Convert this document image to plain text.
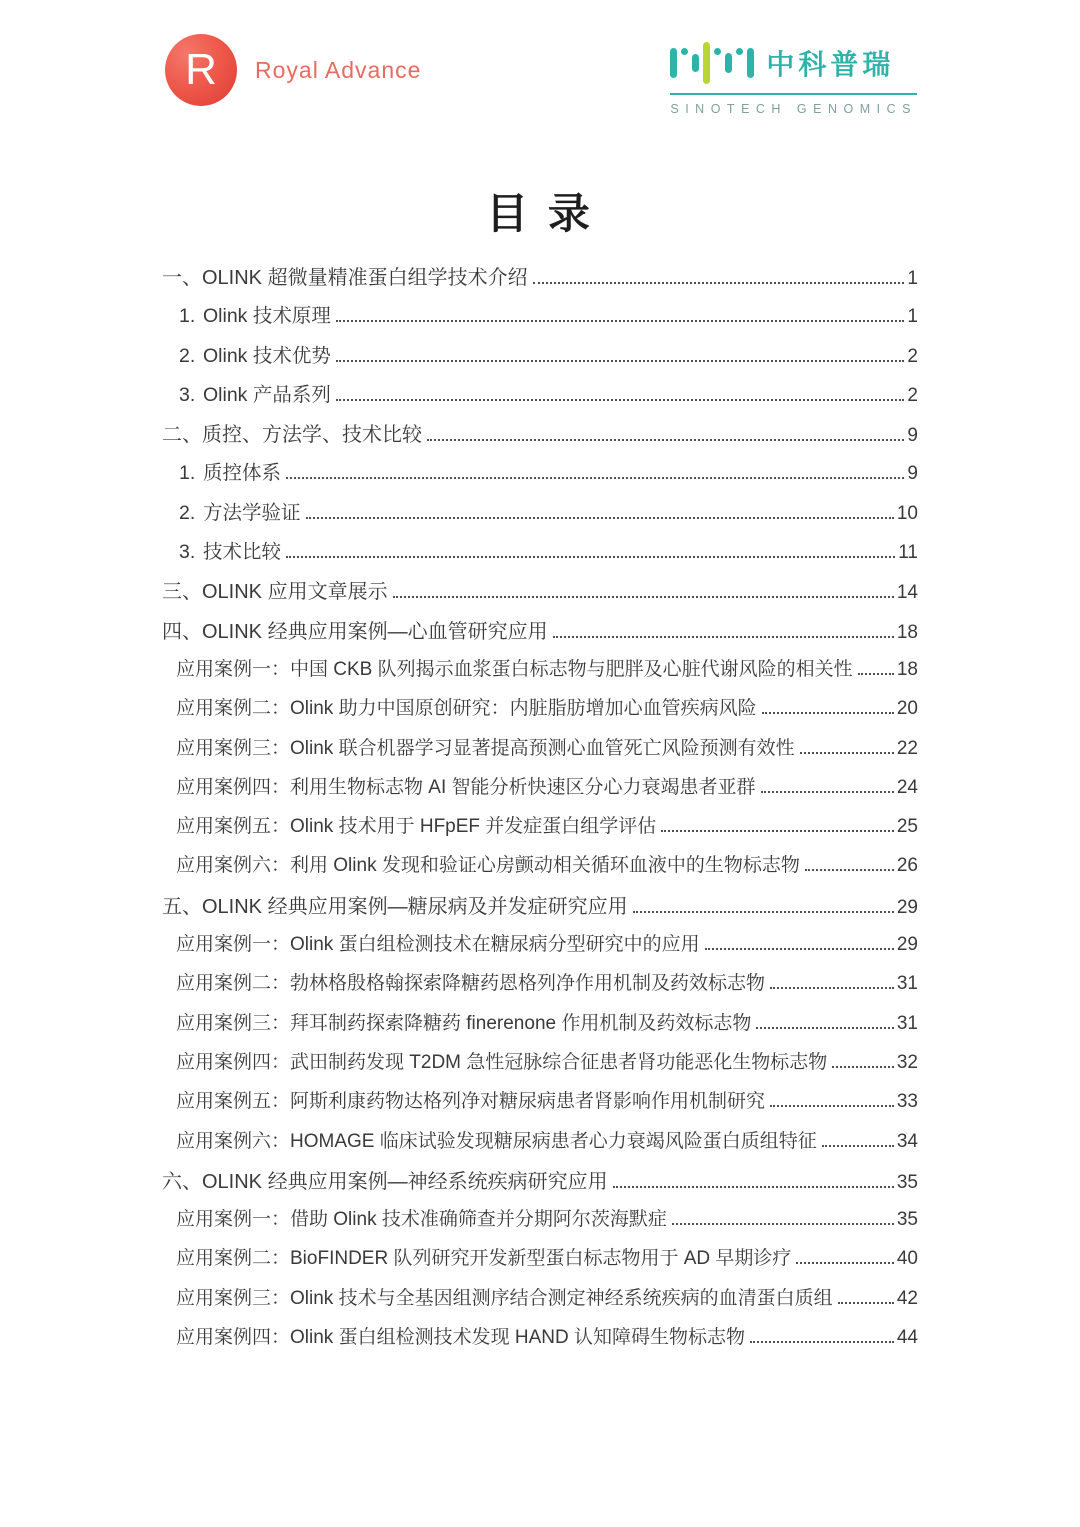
R Royal Advance	中科普瑞
SINOTECH GENOMICS
目 录
一、OLINK 超微量精准蛋白组学技术介绍	1
1. Olink 技术原理	1
2. Olink 技术优势	2
3. Olink 产品系列	2
二、质控、方法学、技术比较	9
1. 质控体系	9
2. 方法学验证	10
3. 技术比较	11
三、OLINK 应用文章展示	14
四、OLINK 经典应用案例—心血管研究应用	18
应用案例一：中国 CKB 队列揭示血浆蛋白标志物与肥胖及心脏代谢风险的相关性 18
应用案例二：Olink 助力中国原创研究：内脏脂肪增加心血管疾病风险	20
应用案例三：Olink 联合机器学习显著提高预测心血管死亡风险预测有效性	22
应用案例四：利用生物标志物 AI 智能分析快速区分心力衰竭患者亚群	24
应用案例五：Olink 技术用于 HFpEF 并发症蛋白组学评估	25
应用案例六：利用 Olink 发现和验证心房颤动相关循环血液中的生物标志物	26
五、OLINK 经典应用案例—糖尿病及并发症研究应用	29
应用案例一：Olink 蛋白组检测技术在糖尿病分型研究中的应用	29
应用案例二：勃林格殷格翰探索降糖药恩格列净作用机制及药效标志物	31
应用案例三：拜耳制药探索降糖药 finerenone 作用机制及药效标志物	31
应用案例四：武田制药发现 T2DM 急性冠脉综合征患者肾功能恶化生物标志物	32
应用案例五：阿斯利康药物达格列净对糖尿病患者肾影响作用机制研究	33
应用案例六：HOMAGE 临床试验发现糖尿病患者心力衰竭风险蛋白质组特征	34
六、OLINK 经典应用案例—神经系统疾病研究应用	35
应用案例一：借助 Olink 技术准确筛查并分期阿尔茨海默症	35
应用案例二：BioFINDER 队列研究开发新型蛋白标志物用于 AD 早期诊疗	40
应用案例三：Olink 技术与全基因组测序结合测定神经系统疾病的血清蛋白质组	42
应用案例四：Olink 蛋白组检测技术发现 HAND 认知障碍生物标志物	44
